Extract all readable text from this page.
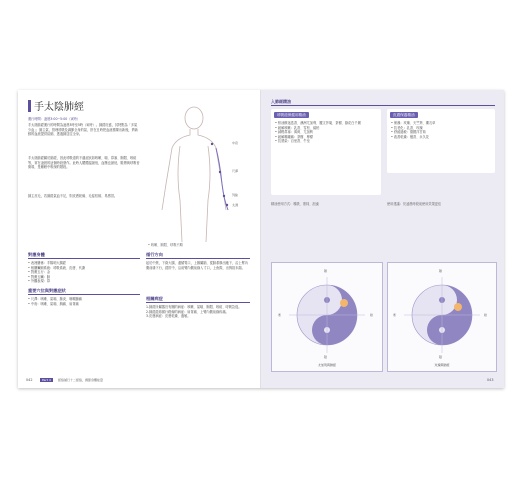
手太陰肺經
運行時間：凌晨3:00~5:00（寅時）
手太陰肺經運行的時間為凌晨3時至5時（寅時）。肺經旺盛，其特點為「多氣少血」；肺主氣，管理呼吸及調節全身的氣，肝在丑時把血液推陳出新後，將新鮮的血液提供給肺，透過肺送往全身。
手太陰肺經屬於肺經，因此呼吸道的不適症狀如咳嗽、喘、鼻塞、胸悶、咳痰等，常在凌晨的這個時段發作。此時人體體溫最低，血壓也最低，脈搏與呼吸皆微弱，是睡眠中較深的階段。
肺主皮毛，若肺經氣血不足，則皮膚乾燥、毛髮枯槁、易感冒。
中府
尺澤
列缺
太淵
• 咳嗽、胸悶、呼吸不順
對應身體
• 表裡關係：手陽明大腸經
• 相關臟腑系統：呼吸系統、皮膚、代謝
• 對應五行：金
• 對應五臟：肺
• 外觀表現：鼻
重要穴位與對應症狀
• 尺澤：咳嗽、氣喘、肺炎、咽喉腫痛
• 中府：咳嗽、氣喘、胸痛、肩背痛
循行方向
起於中焦，下絡大腸，還循胃口，上膈屬肺，從肺系橫出腋下，沿上臂內側前緣下行，經肘中，沿前臂內側前緣入寸口，上魚際，出拇指末端。
相關病症
1.肺經所屬器官有關的病症：咳嗽、氣喘、胸悶、咳痰、呼吸急促。
2.肺經經絡循行路線的病症：肩背痛、上臂內側前緣疼痛。
3.皮膚病症：皮膚乾燥、過敏。
042	Part 4	經絡循行十二經絡，調節身體能量
入肺經精油
呼吸道保健用精油
• 桉油醇迷迭香、澳洲尤加利、羅文莎葉、茶樹、綠花白千層
• 緩解咳嗽：乳香、雪松、絲柏
• 減輕鼻塞：薄荷、尤加利
• 緩解喉嚨痛：茶樹、檸檬
• 抗感染：百里香、牛至
皮膚保養精油
• 保濕：玫瑰、天竺葵、薰衣草
• 抗老化：乳香、玫瑰
• 舒緩過敏：德國洋甘菊
• 改善乾燥：檀香、永久花
精油使用方式：嗅吸、塗抹、泡澡	使用建議：於凌晨時段前使用效果更佳
陽
陰
寒	熱
尤加利與肺經
陽
陰
寒	熱
玫瑰與肺經
043
